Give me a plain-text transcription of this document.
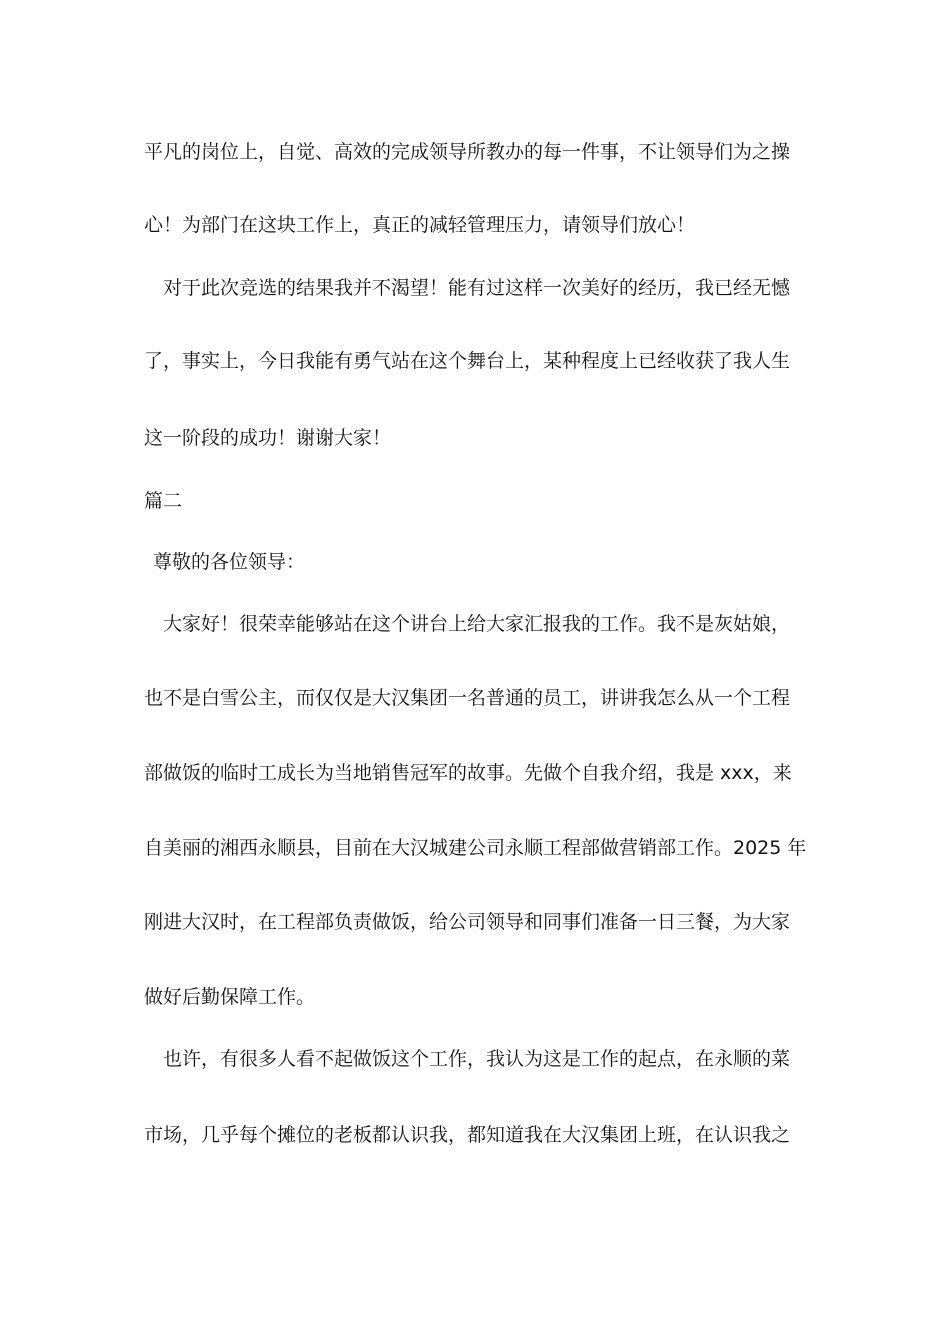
平凡的岗位上，自觉、高效的完成领导所教办的每一件事，不让领导们为之操
心！为部门在这块工作上，真正的减轻管理压力，请领导们放心！
对于此次竞选的结果我并不渴望！能有过这样一次美好的经历，我已经无憾
了，事实上，今日我能有勇气站在这个舞台上，某种程度上已经收获了我人生
这一阶段的成功！谢谢大家！
篇二
尊敬的各位领导：
大家好！很荣幸能够站在这个讲台上给大家汇报我的工作。我不是灰姑娘，
也不是白雪公主，而仅仅是大汉集团一名普通的员工，讲讲我怎么从一个工程
部做饭的临时工成长为当地销售冠军的故事。先做个自我介绍，我是 xxx，来
自美丽的湘西永顺县，目前在大汉城建公司永顺工程部做营销部工作。2025 年
刚进大汉时，在工程部负责做饭，给公司领导和同事们准备一日三餐，为大家
做好后勤保障工作。
也许，有很多人看不起做饭这个工作，我认为这是工作的起点，在永顺的菜
市场，几乎每个摊位的老板都认识我，都知道我在大汉集团上班，在认识我之
